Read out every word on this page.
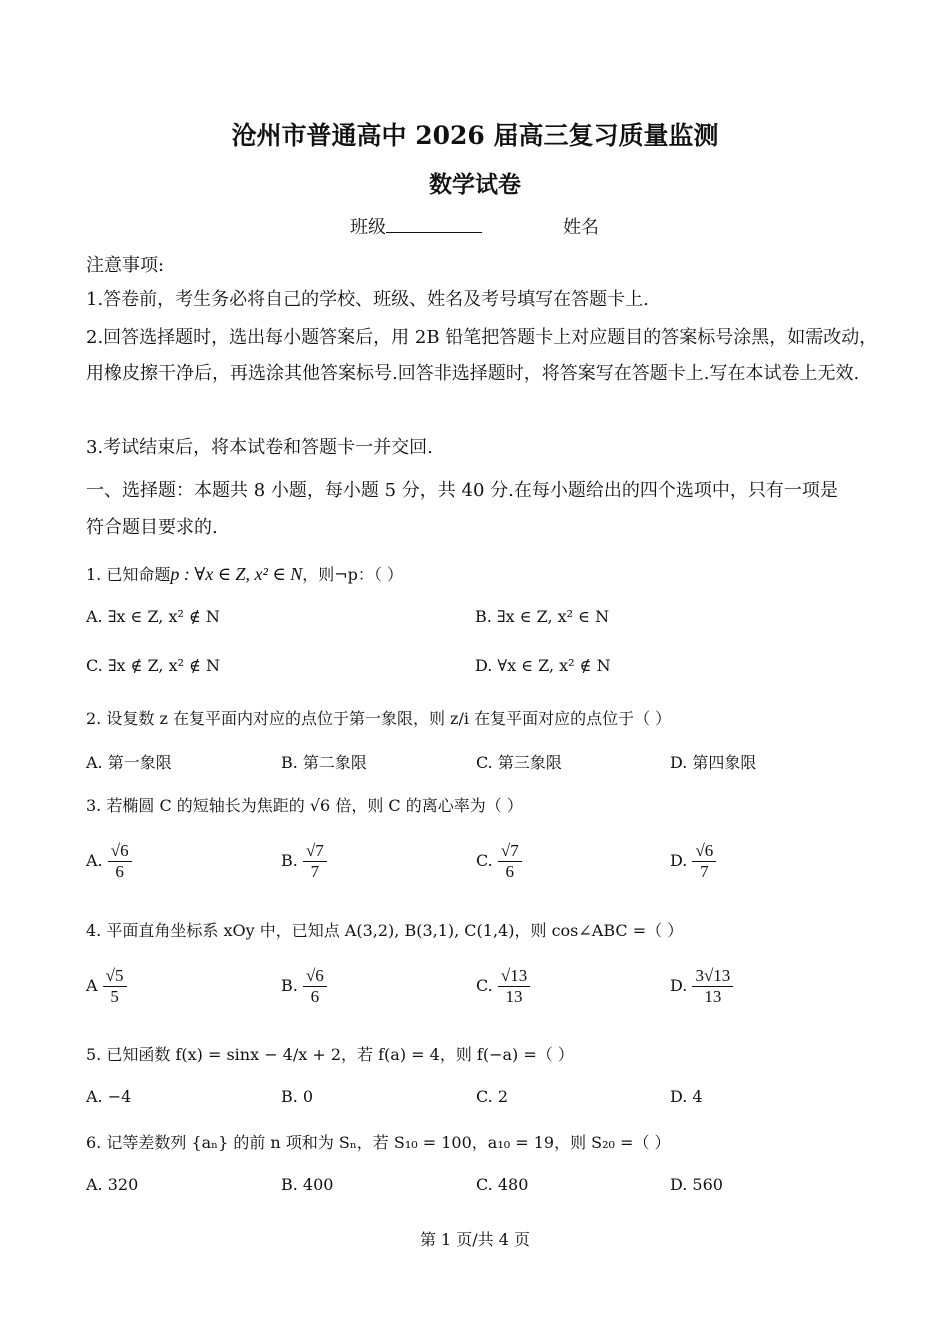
沧州市普通高中 2026 届高三复习质量监测
数学试卷
班级	姓名
注意事项:
1.答卷前，考生务必将自己的学校、班级、姓名及考号填写在答题卡上.
2.回答选择题时，选出每小题答案后，用 2B 铅笔把答题卡上对应题目的答案标号涂黑，如需改动，用橡皮擦干净后，再选涂其他答案标号.回答非选择题时，将答案写在答题卡上.写在本试卷上无效.
3.考试结束后，将本试卷和答题卡一并交回.
一、选择题：本题共 8 小题，每小题 5 分，共 40 分.在每小题给出的四个选项中，只有一项是
符合题目要求的.
1. 已知命题p : ∀x ∈ Z, x² ∈ N，则¬p：（ ）
A. ∃x ∈ Z, x² ∉ N	B. ∃x ∈ Z, x² ∈ N
C. ∃x ∉ Z, x² ∉ N	D. ∀x ∈ Z, x² ∉ N
2. 设复数 z 在复平面内对应的点位于第一象限，则 z/i 在复平面对应的点位于（ ）
A. 第一象限	B. 第二象限	C. 第三象限	D. 第四象限
3. 若椭圆 C 的短轴长为焦距的 √6 倍，则 C 的离心率为（ ）
A. $\frac{√6}{6}$	B. $\frac{√7}{7}$	C. $\frac{√7}{6}$	D. $\frac{√6}{7}$
4. 平面直角坐标系 xOy 中，已知点 A(3,2), B(3,1), C(1,4)，则 cos∠ABC =（ ）
A $\frac{√5}{5}$	B. $\frac{√6}{6}$	C. $\frac{√13}{13}$	D. $\frac{3√13}{13}$
5. 已知函数 f(x) = sinx − 4/x + 2，若 f(a) = 4，则 f(−a) =（ ）
A. −4	B. 0	C. 2	D. 4
6. 记等差数列 {aₙ} 的前 n 项和为 Sₙ，若 S₁₀ = 100，a₁₀ = 19，则 S₂₀ =（ ）
A. 320	B. 400	C. 480	D. 560
第 1 页/共 4 页
